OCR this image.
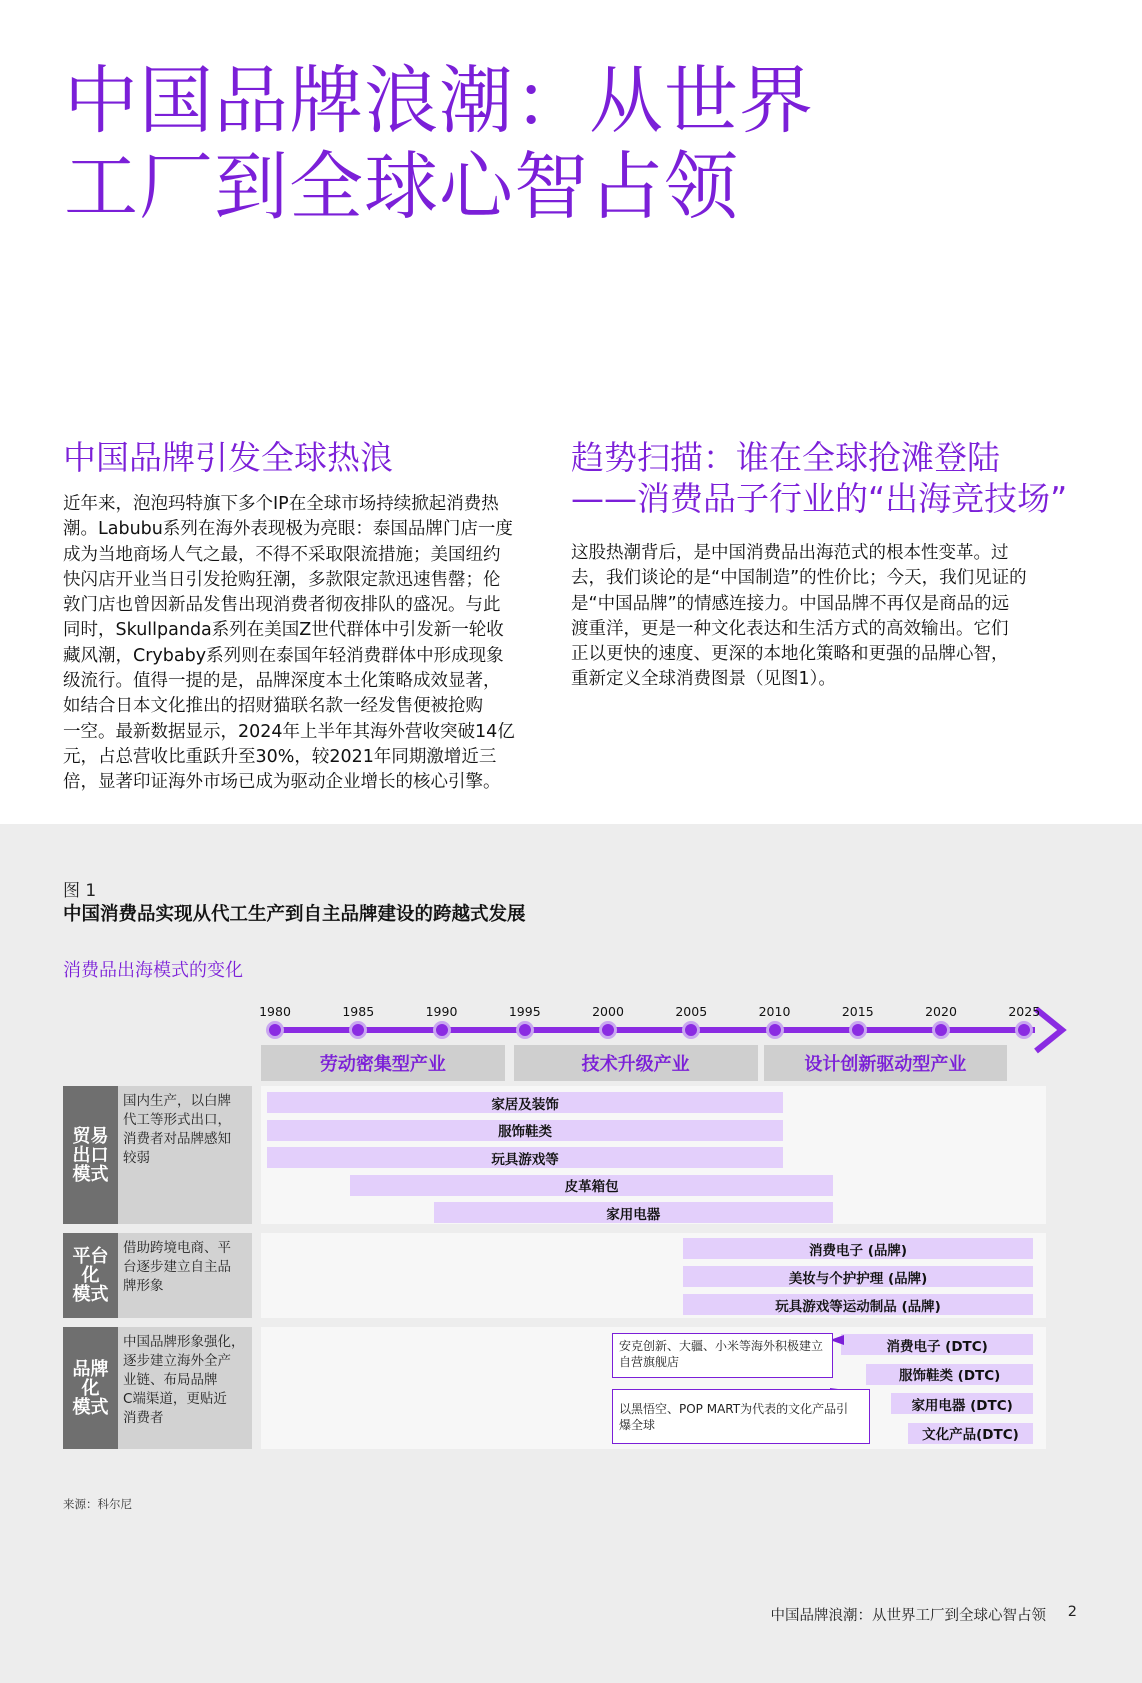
中国品牌浪潮：从世界
工厂到全球心智占领
中国品牌引发全球热浪

近年来，泡泡玛特旗下多个IP在全球市场持续掀起消费热
潮。Labubu系列在海外表现极为亮眼：泰国品牌门店一度
成为当地商场人气之最，不得不采取限流措施；美国纽约
快闪店开业当日引发抢购狂潮，多款限定款迅速售罄；伦
敦门店也曾因新品发售出现消费者彻夜排队的盛况。与此
同时，Skullpanda系列在美国Z世代群体中引发新一轮收
藏风潮，Crybaby系列则在泰国年轻消费群体中形成现象
级流行。值得一提的是，品牌深度本土化策略成效显著，
如结合日本文化推出的招财猫联名款一经发售便被抢购
一空。最新数据显示，2024年上半年其海外营收突破14亿
元，占总营收比重跃升至30%，较2021年同期激增近三
倍，显著印证海外市场已成为驱动企业增长的核心引擎。

趋势扫描：谁在全球抢滩登陆
——消费品子行业的“出海竞技场”

这股热潮背后，是中国消费品出海范式的根本性变革。过
去，我们谈论的是“中国制造”的性价比；今天，我们见证的
是“中国品牌”的情感连接力。中国品牌不再仅是商品的远
渡重洋，更是一种文化表达和生活方式的高效输出。它们
正以更快的速度、更深的本地化策略和更强的品牌心智，
重新定义全球消费图景（见图1）。

图 1
中国消费品实现从代工生产到自主品牌建设的跨越式发展
消费品出海模式的变化
1980	1985	1990	1995	2000	2005	2010	2015	2020	2025
劳动密集型产业	技术升级产业	设计创新驱动型产业
贸易
出口
模式
国内生产，以白牌
代工等形式出口，
消费者对品牌感知
较弱
平台
化
模式
借助跨境电商、平
台逐步建立自主品
牌形象
品牌
化
模式
中国品牌形象强化，
逐步建立海外全产
业链、布局品牌
C端渠道，更贴近
消费者
家居及装饰
服饰鞋类
玩具游戏等
皮革箱包
家用电器
消费电子 (品牌)
美妆与个护护理 (品牌)
玩具游戏等运动制品 (品牌)
消费电子 (DTC)
服饰鞋类 (DTC)
家用电器 (DTC)
文化产品(DTC)
安克创新、大疆、小米等海外积极建立
自营旗舰店
以黑悟空、POP MART为代表的文化产品引
爆全球
来源：科尔尼
中国品牌浪潮：从世界工厂到全球心智占领 2
